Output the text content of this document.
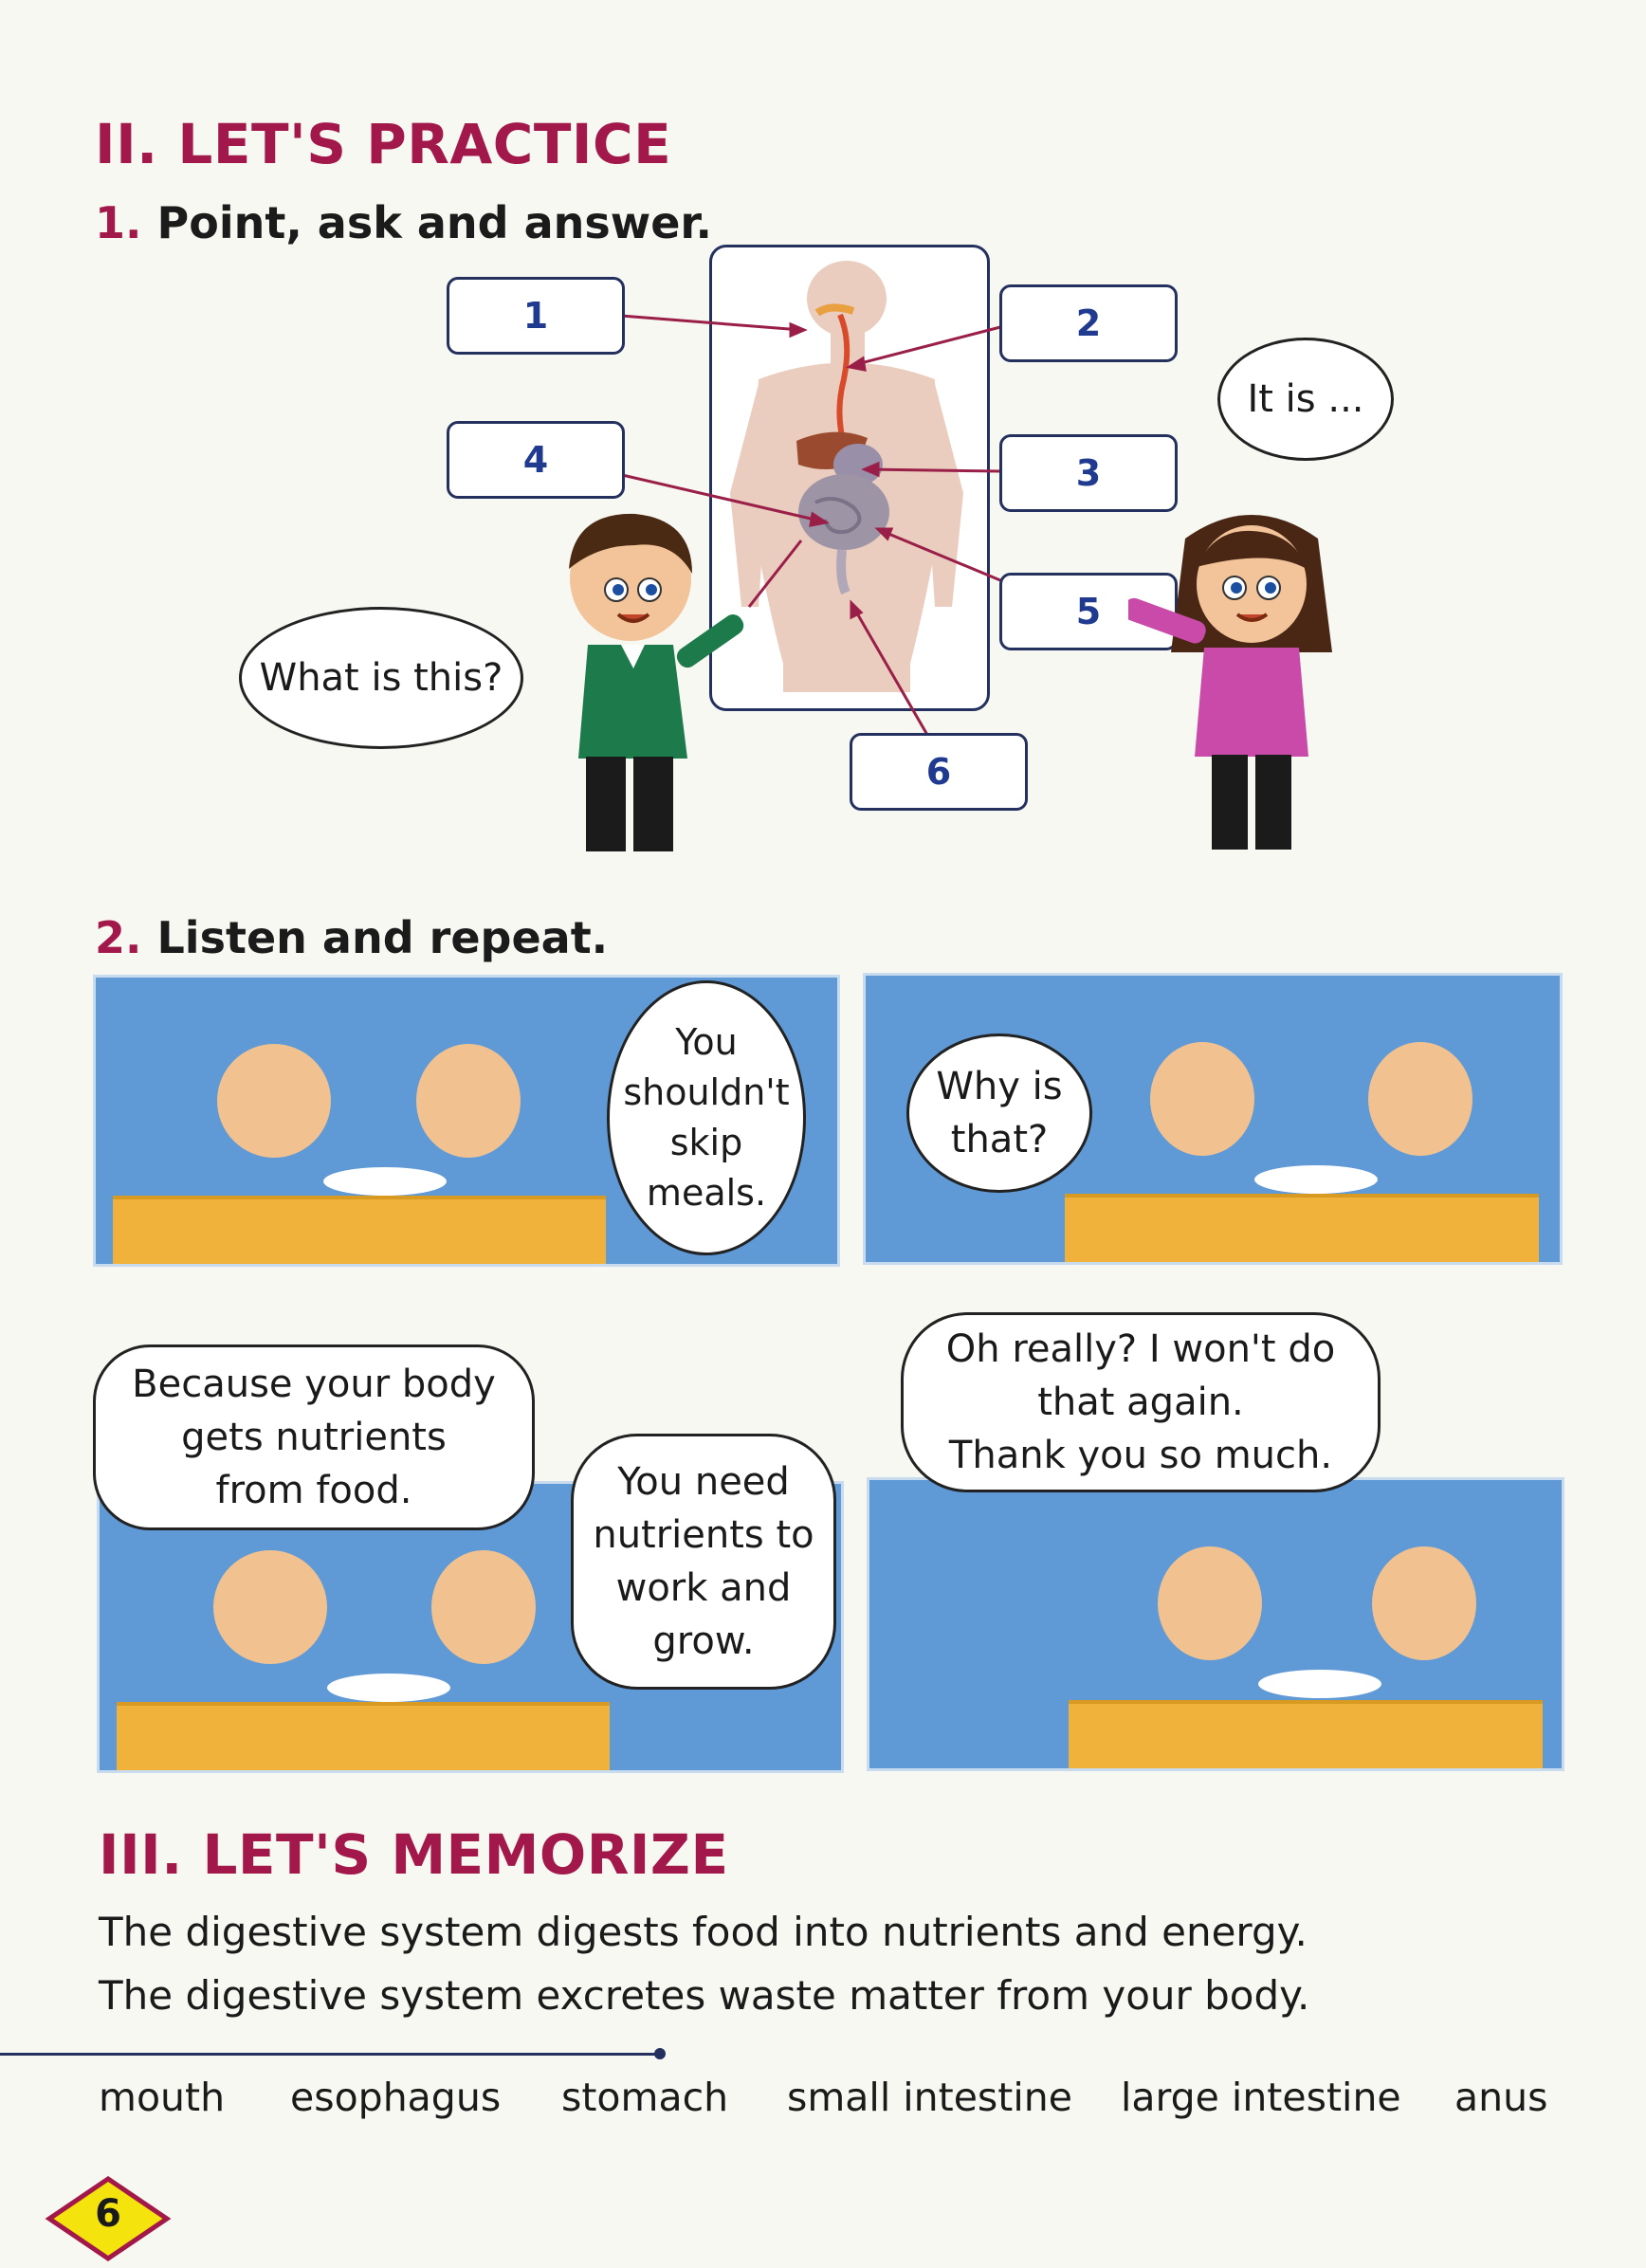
II. LET'S PRACTICE
1. Point, ask and answer.
1	2
3
4
5
6
What is this?
It is ...
2. Listen and repeat.
You
shouldn't
skip
meals.
Why is
that?
Because your body
gets nutrients
from food.	You need
nutrients to
work and
grow.
Oh really? I won't do
that again.
Thank you so much.
III. LET'S MEMORIZE

The digestive system digests food into nutrients and energy.

The digestive system excretes waste matter from your body.

mouth esophagus stomach small intestine large intestine anus
6
